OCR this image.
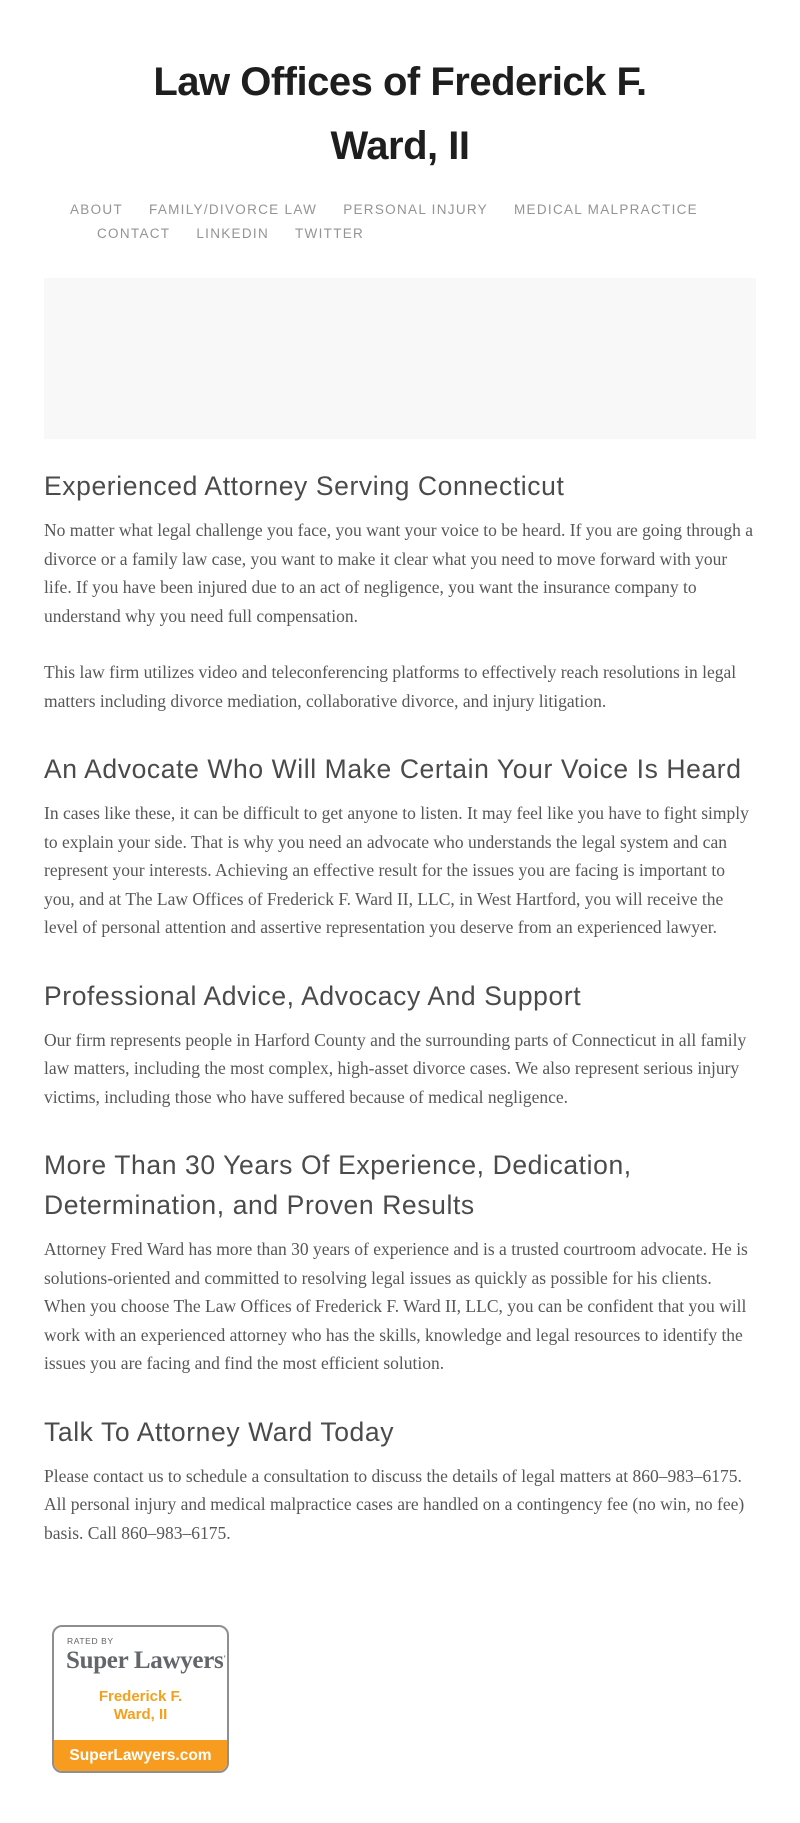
Law Offices of Frederick F.
Ward, II
ABOUT FAMILY/DIVORCE LAW PERSONAL INJURY MEDICAL MALPRACTICE
CONTACT LINKEDIN TWITTER
Experienced Attorney Serving Connecticut

No matter what legal challenge you face, you want your voice to be heard. If you are going through a divorce or a family law case, you want to make it clear what you need to move forward with your life. If you have been injured due to an act of negligence, you want the insurance company to understand why you need full compensation.

This law firm utilizes video and teleconferencing platforms to effectively reach resolutions in legal matters including divorce mediation, collaborative divorce, and injury litigation.

An Advocate Who Will Make Certain Your Voice Is Heard

In cases like these, it can be difficult to get anyone to listen. It may feel like you have to fight simply to explain your side. That is why you need an advocate who understands the legal system and can represent your interests. Achieving an effective result for the issues you are facing is important to you, and at The Law Offices of Frederick F. Ward II, LLC, in West Hartford, you will receive the level of personal attention and assertive representation you deserve from an experienced lawyer.

Professional Advice, Advocacy And Support

Our firm represents people in Harford County and the surrounding parts of Connecticut in all family law matters, including the most complex, high-asset divorce cases. We also represent serious injury victims, including those who have suffered because of medical negligence.

More Than 30 Years Of Experience, Dedication, Determination, and Proven Results

Attorney Fred Ward has more than 30 years of experience and is a trusted courtroom advocate. He is solutions-oriented and committed to resolving legal issues as quickly as possible for his clients. When you choose The Law Offices of Frederick F. Ward II, LLC, you can be confident that you will work with an experienced attorney who has the skills, knowledge and legal resources to identify the issues you are facing and find the most efficient solution.

Talk To Attorney Ward Today

Please contact us to schedule a consultation to discuss the details of legal matters at 860–983–6175. All personal injury and medical malpractice cases are handled on a contingency fee (no win, no fee) basis. Call 860–983–6175.

RATED BY
Super Lawyers'
Frederick F.
Ward, II
SuperLawyers.com
